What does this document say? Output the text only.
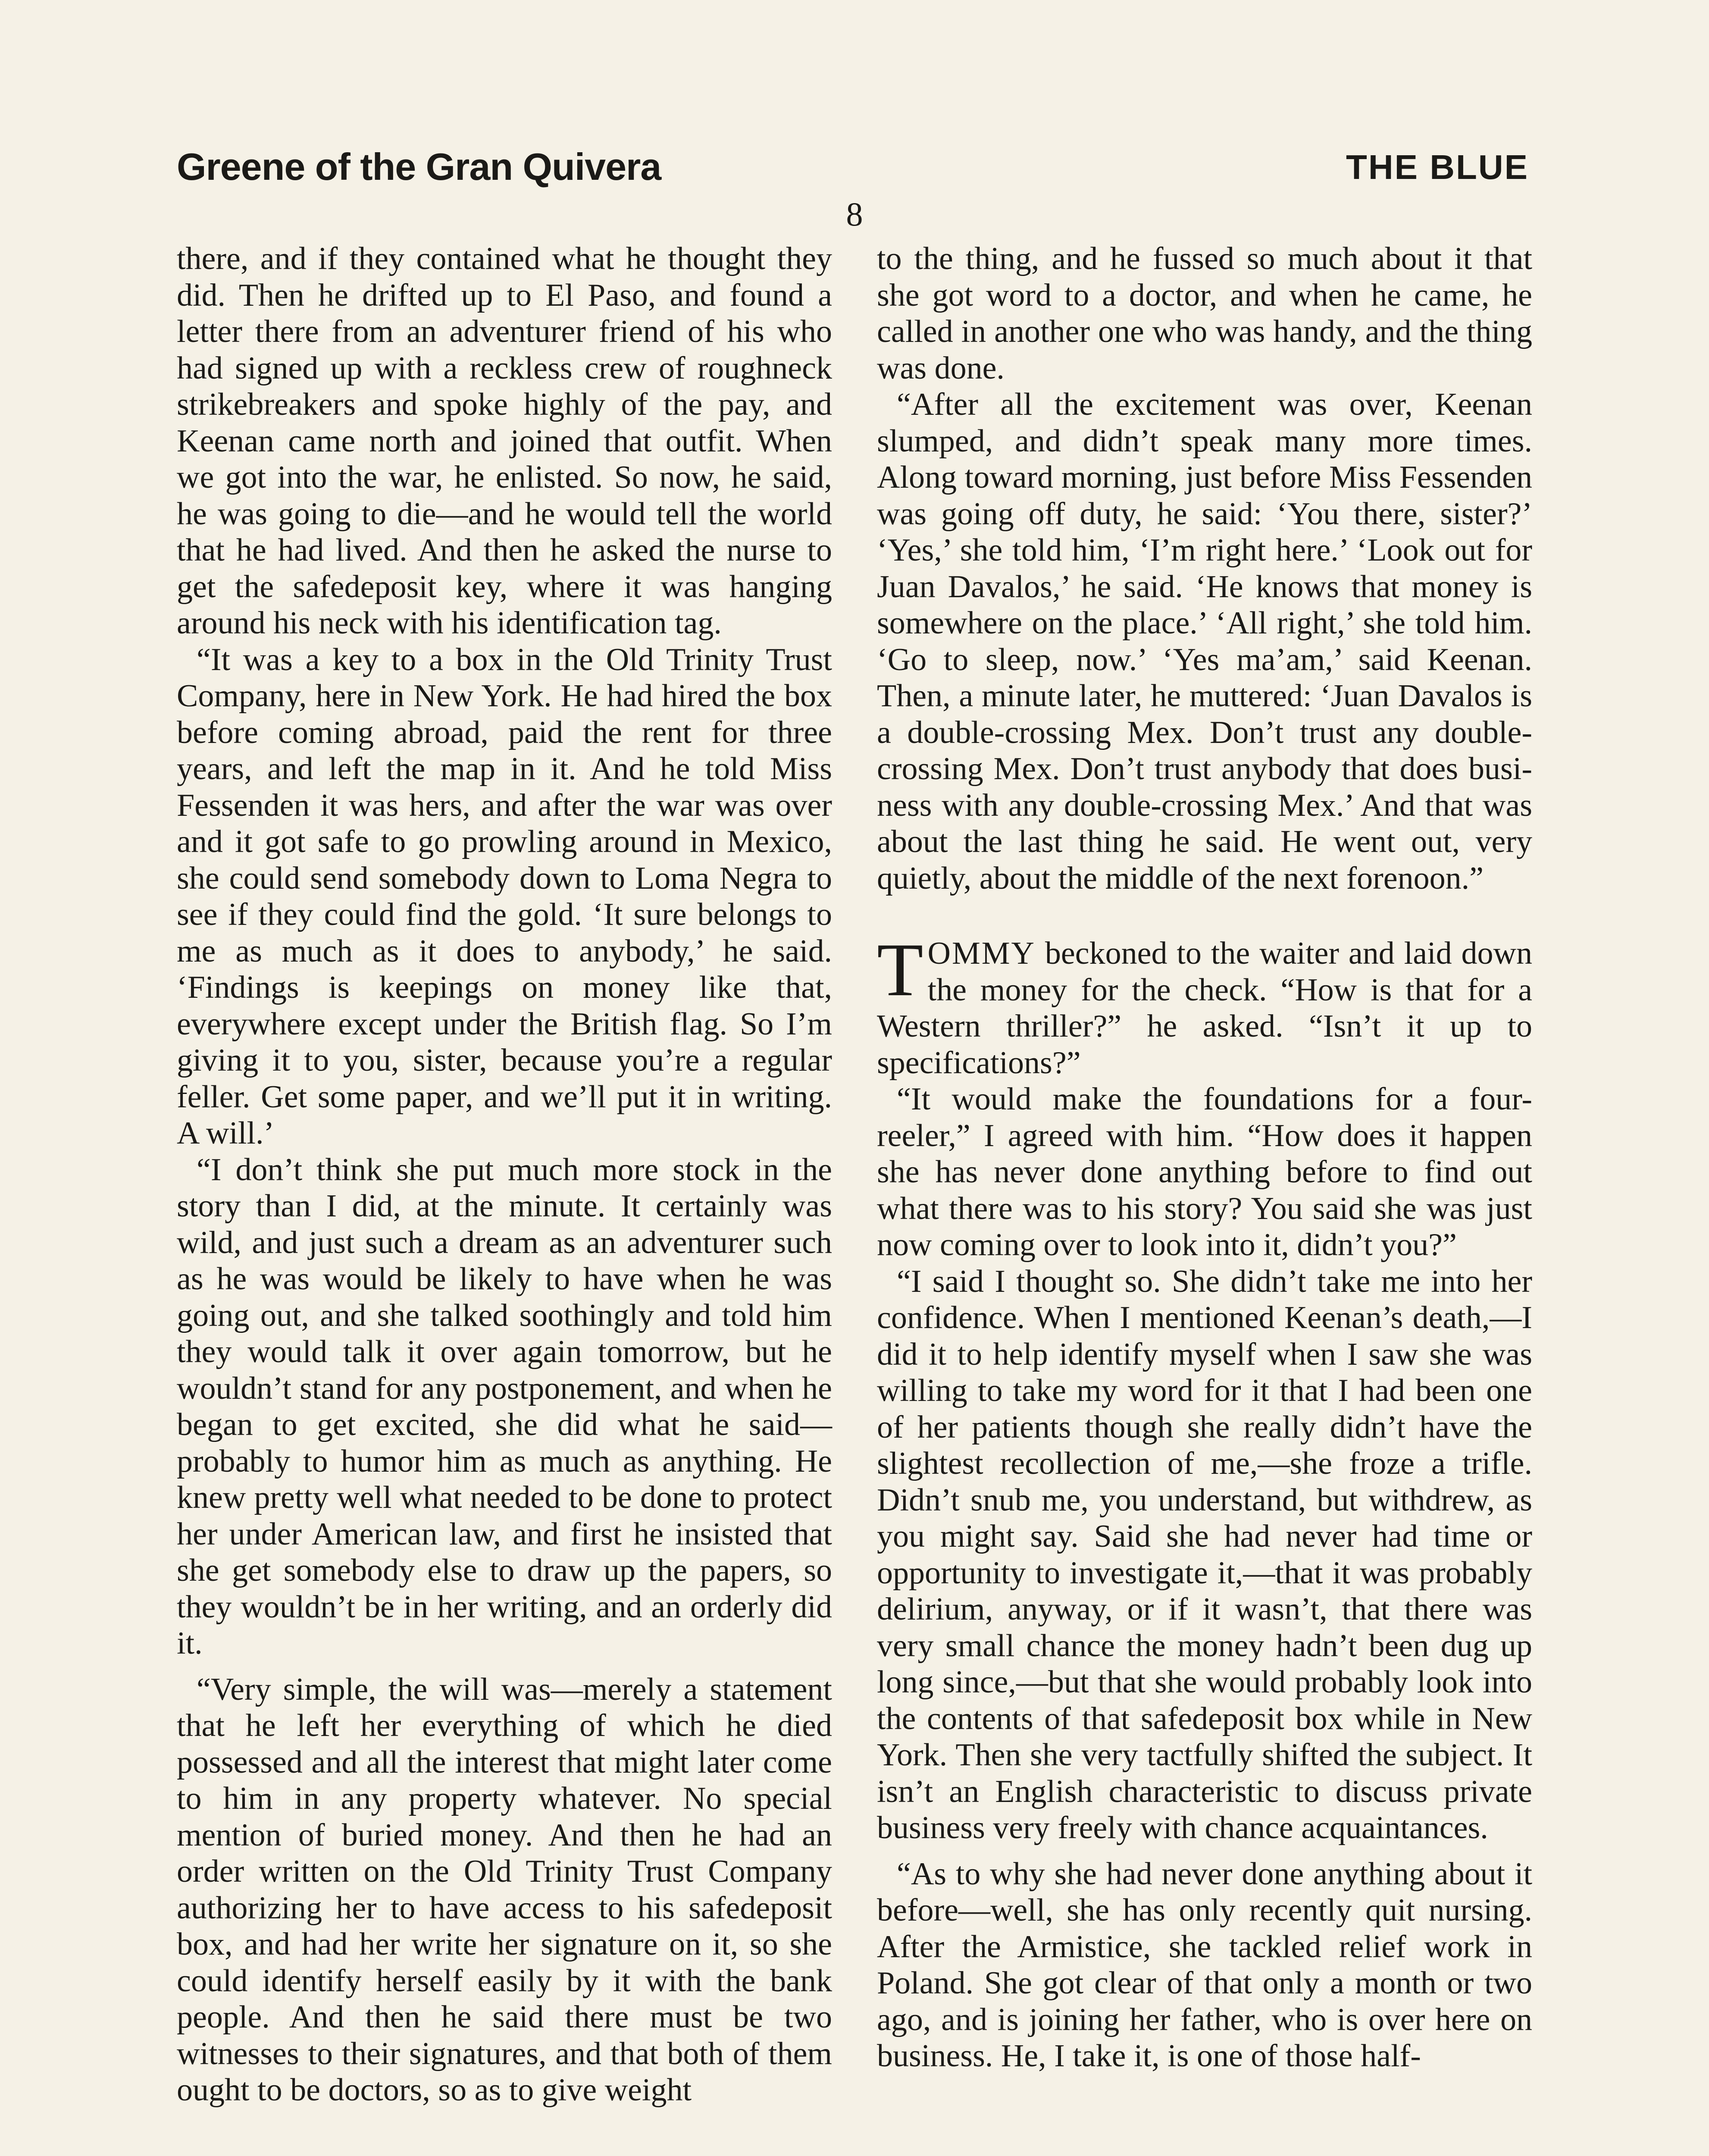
Greene of the Gran Quivera	THE BLUE
8

there, and if they contained what he thought they did. Then he drifted up to El Paso, and found a letter there from an adventurer friend of his who had signed up with a reckless crew of roughneck strikebreakers and spoke highly of the pay, and Keenan came north and joined that outfit. When we got into the war, he enlisted. So now, he said, he was going to die—and he would tell the world that he had lived. And then he asked the nurse to get the safedeposit key, where it was hanging around his neck with his identification tag.

“It was a key to a box in the Old Trinity Trust Company, here in New York. He had hired the box before coming abroad, paid the rent for three years, and left the map in it. And he told Miss Fessenden it was hers, and after the war was over and it got safe to go prowling around in Mexico, she could send somebody down to Loma Negra to see if they could find the gold. ‘It sure belongs to me as much as it does to anybody,’ he said. ‘Findings is keepings on money like that, everywhere except under the British flag. So I’m giving it to you, sister, because you’re a regular feller. Get some paper, and we’ll put it in writing. A will.’

“I don’t think she put much more stock in the story than I did, at the minute. It certainly was wild, and just such a dream as an adventurer such as he was would be likely to have when he was going out, and she talked soothingly and told him they would talk it over again tomorrow, but he wouldn’t stand for any postponement, and when he began to get excited, she did what he said—probably to humor him as much as anything. He knew pretty well what needed to be done to protect her under American law, and first he insisted that she get somebody else to draw up the papers, so they wouldn’t be in her writing, and an orderly did it.

“Very simple, the will was—merely a statement that he left her everything of which he died possessed and all the interest that might later come to him in any property whatever. No special mention of buried money. And then he had an order written on the Old Trinity Trust Company authorizing her to have access to his safedeposit box, and had her write her signature on it, so she could identify herself easily by it with the bank people. And then he said there must be two witnesses to their signatures, and that both of them ought to be doctors, so as to give weight

to the thing, and he fussed so much about it that she got word to a doctor, and when he came, he called in another one who was handy, and the thing was done.

“After all the excitement was over, Keenan slumped, and didn’t speak many more times. Along toward morning, just before Miss Fessenden was going off duty, he said: ‘You there, sister?’ ‘Yes,’ she told him, ‘I’m right here.’ ‘Look out for Juan Davalos,’ he said. ‘He knows that money is somewhere on the place.’ ‘All right,’ she told him. ‘Go to sleep, now.’ ‘Yes ma’am,’ said Keenan. Then, a minute later, he muttered: ‘Juan Davalos is a double-crossing Mex. Don’t trust any double-crossing Mex. Don’t trust anybody that does business with any double-crossing Mex.’ And that was about the last thing he said. He went out, very quietly, about the middle of the next forenoon.”

TOMMY beckoned to the waiter and laid down the money for the check. “How is that for a Western thriller?” he asked. “Isn’t it up to specifications?”

“It would make the foundations for a four-reeler,” I agreed with him. “How does it happen she has never done anything before to find out what there was to his story? You said she was just now coming over to look into it, didn’t you?”

“I said I thought so. She didn’t take me into her confidence. When I mentioned Keenan’s death,—I did it to help identify myself when I saw she was willing to take my word for it that I had been one of her patients though she really didn’t have the slightest recollection of me,—she froze a trifle. Didn’t snub me, you understand, but withdrew, as you might say. Said she had never had time or opportunity to investigate it,—that it was probably delirium, anyway, or if it wasn’t, that there was very small chance the money hadn’t been dug up long since,—but that she would probably look into the contents of that safedeposit box while in New York. Then she very tactfully shifted the subject. It isn’t an English characteristic to discuss private business very freely with chance acquaintances.

“As to why she had never done anything about it before—well, she has only recently quit nursing. After the Armistice, she tackled relief work in Poland. She got clear of that only a month or two ago, and is joining her father, who is over here on business. He, I take it, is one of those half-
